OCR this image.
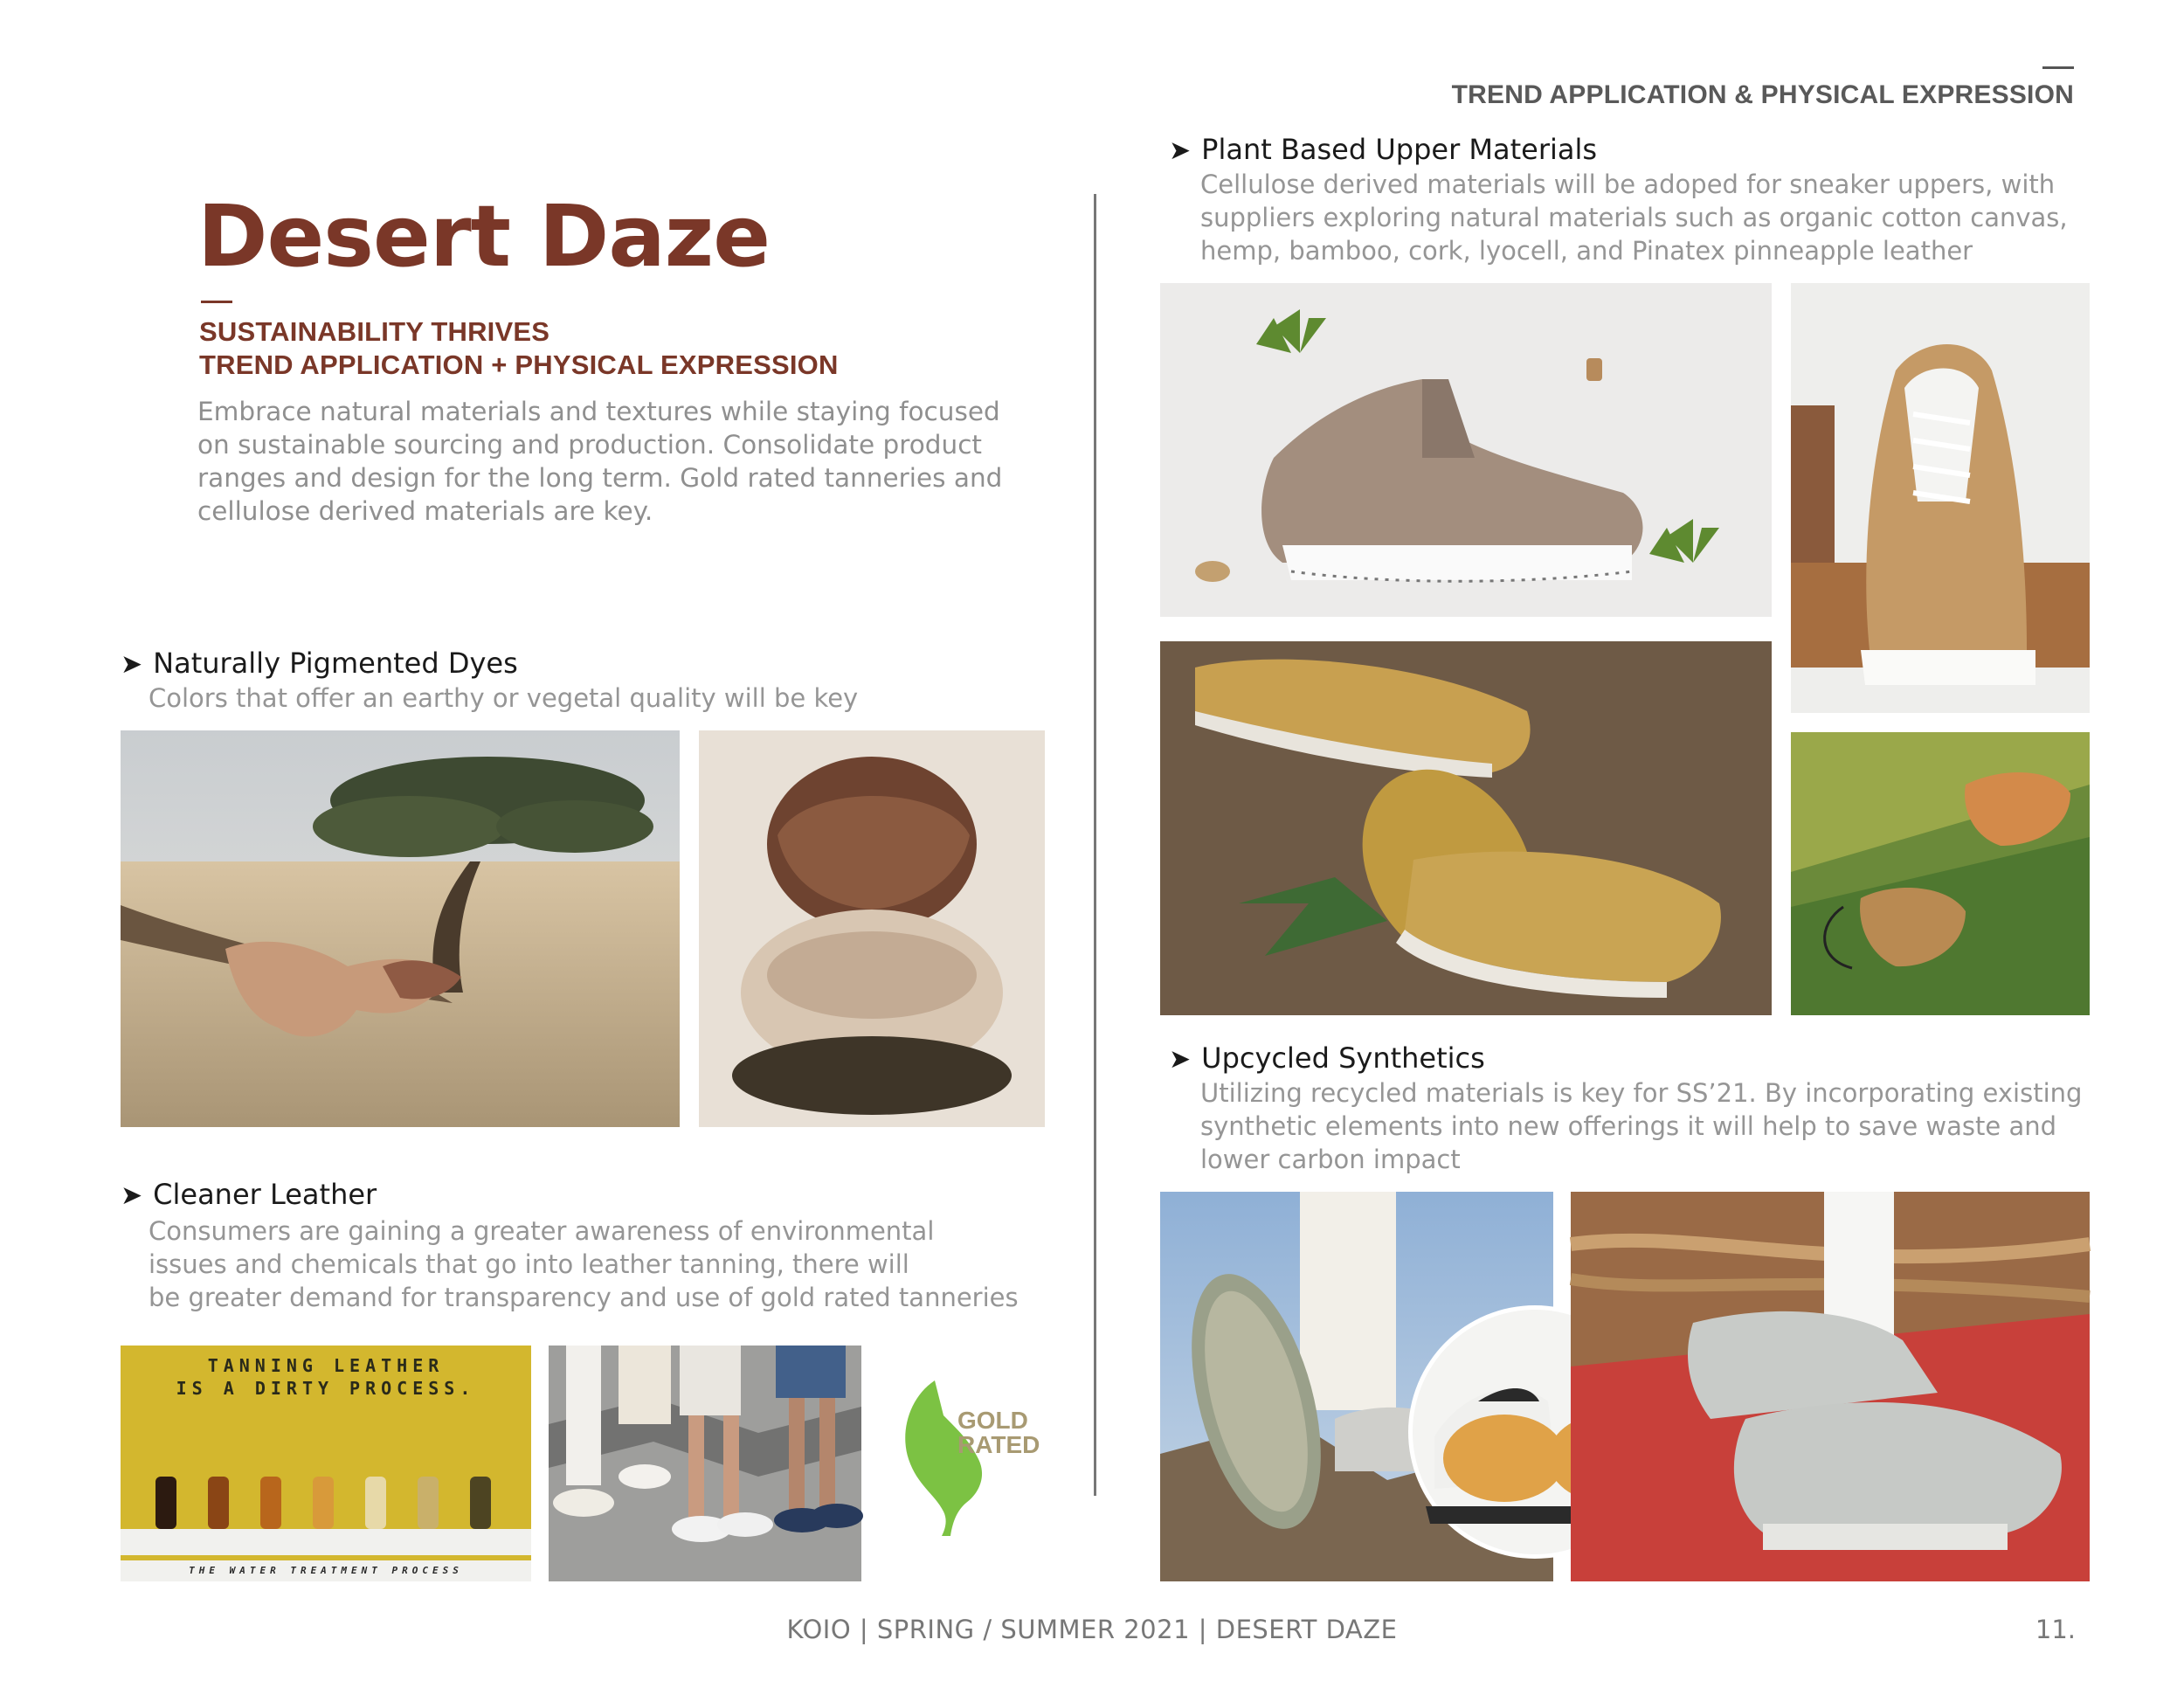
TREND APPLICATION & PHYSICAL EXPRESSION
Desert Daze
SUSTAINABILITY THRIVES
TREND APPLICATION + PHYSICAL EXPRESSION
Embrace natural materials and textures while staying focused
on sustainable sourcing and production. Consolidate product
ranges and design for the long term. Gold rated tanneries and
cellulose derived materials are key.
➤ Naturally Pigmented Dyes
Colors that offer an earthy or vegetal quality will be key
➤ Cleaner Leather
Consumers are gaining a greater awareness of environmental
issues and chemicals that go into leather tanning, there will
be greater demand for transparency and use of gold rated tanneries
TANNING LEATHER
IS A DIRTY PROCESS.
THE WATER TREATMENT PROCESS
GOLD
RATED
➤ Plant Based Upper Materials
Cellulose derived materials will be adoped for sneaker uppers, with
suppliers exploring natural materials such as organic cotton canvas,
hemp, bamboo, cork, lyocell, and Pinatex pinneapple leather
➤ Upcycled Synthetics
Utilizing recycled materials is key for SS’21. By incorporating existing
synthetic elements into new offerings it will help to save waste and
lower carbon impact
KOIO | SPRING / SUMMER 2021 | DESERT DAZE	11.
